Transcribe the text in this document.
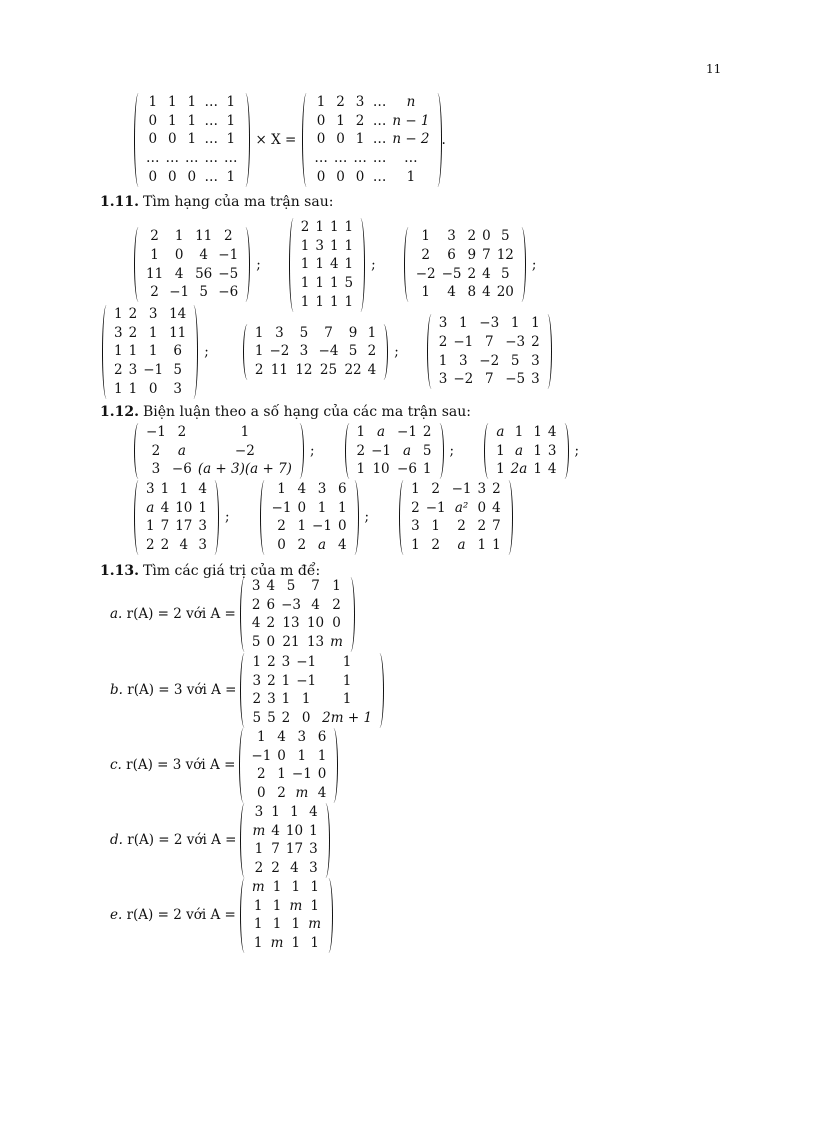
11
1	1	1	…	1
0	1	1	…	1
0	0	1	…	1
…	…	…	…	…
0	0	0	…	1
× X =
1	2	3	…	n
0	1	2	…	n − 1
0	0	1	…	n − 2
…	…	…	…	…
0	0	0	…	1
.
1.11. Tìm hạng của ma trận sau:
2	1	11	2
1	0	4	−1
11	4	56	−5
2	−1	5	−6
;
2	1	1	1
1	3	1	1
1	1	4	1
1	1	1	5
1	1	1	1
;
1	3	2	0	5
2	6	9	7	12
−2	−5	2	4	5
1	4	8	4	20
;
1	2	3	14
3	2	1	11
1	1	1	6
2	3	−1	5
1	1	0	3
;
1	3	5	7	9	1
1	−2	3	−4	5	2
2	11	12	25	22	4
;
3	1	−3	1	1
2	−1	7	−3	2
1	3	−2	5	3
3	−2	7	−5	3
1.12. Biện luận theo a số hạng của các ma trận sau:
−1	2	1
2	a	−2
3	−6	(a + 3)(a + 7)
;
1	a	−1	2
2	−1	a	5
1	10	−6	1
;
a	1	1	4
1	a	1	3
1	2a	1	4
;
3	1	1	4
a	4	10	1
1	7	17	3
2	2	4	3
;
1	4	3	6
−1	0	1	1
2	1	−1	0
0	2	a	4
;
1	2	−1	3	2
2	−1	a²	0	4
3	1	2	2	7
1	2	a	1	1
1.13. Tìm các giá trị của m để:
a. r(A) = 2 với A =
3	4	5	7	1
2	6	−3	4	2
4	2	13	10	0
5	0	21	13	m
b. r(A) = 3 với A =
1	2	3	−1	1
3	2	1	−1	1
2	3	1	1	1
5	5	2	0	2m + 1
c. r(A) = 3 với A =
1	4	3	6
−1	0	1	1
2	1	−1	0
0	2	m	4
d. r(A) = 2 với A =
3	1	1	4
m	4	10	1
1	7	17	3
2	2	4	3
e. r(A) = 2 với A =
m	1	1	1
1	1	m	1
1	1	1	m
1	m	1	1
